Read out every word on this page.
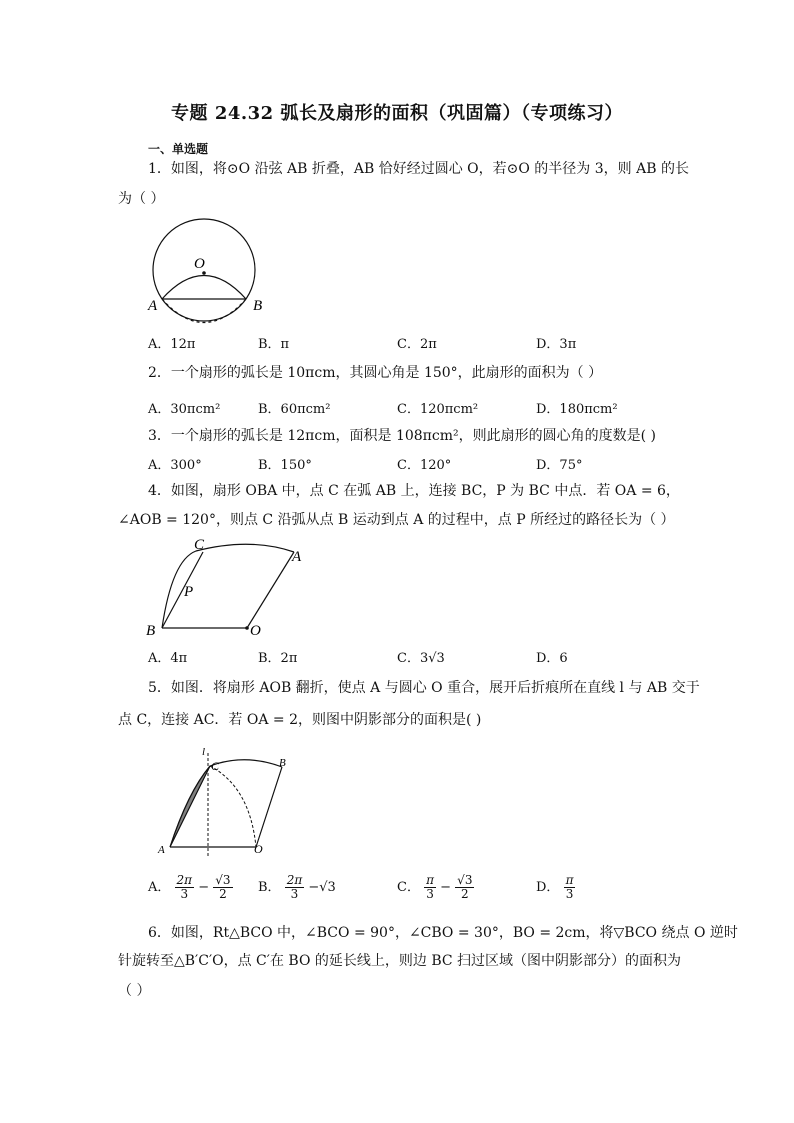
专题 24.32 弧长及扇形的面积（巩固篇）（专项练习）
一、单选题
1．如图，将⊙O 沿弦 AB 折叠，AB 恰好经过圆心 O，若⊙O 的半径为 3，则 AB 的长
为（ ）
O
A	B
A．12π	B．π	C．2π	D．3π
2．一个扇形的弧长是 10πcm，其圆心角是 150°，此扇形的面积为（ ）
A．30πcm²	B．60πcm²	C．120πcm²	D．180πcm²
3．一个扇形的弧长是 12πcm，面积是 108πcm²，则此扇形的圆心角的度数是( )
A．300°	B．150°	C．120°	D．75°
4．如图，扇形 OBA 中，点 C 在弧 AB 上，连接 BC，P 为 BC 中点．若 OA = 6，
∠AOB = 120°，则点 C 沿弧从点 B 运动到点 A 的过程中，点 P 所经过的路径长为（ ）
C
A
P
B	O
A．4π	B．2π	C．3√3	D．6
5．如图．将扇形 AOB 翻折，使点 A 与圆心 O 重合，展开后折痕所在直线 l 与 AB 交于
点 C，连接 AC．若 OA = 2，则图中阴影部分的面积是( )
l
C	B
A	O
A． $\frac{2\pi}{3} - \frac{√3}{2}$ B． $\frac{2\pi}{3} -√3$	C． $\frac{\pi}{3} - \frac{√3}{2}$	D． $\frac{\pi}{3}$
6．如图，Rt△BCO 中，∠BCO = 90°，∠CBO = 30°，BO = 2cm，将▽BCO 绕点 O 逆时
针旋转至△B′C′O，点 C′在 BO 的延长线上，则边 BC 扫过区域（图中阴影部分）的面积为
（ ）
